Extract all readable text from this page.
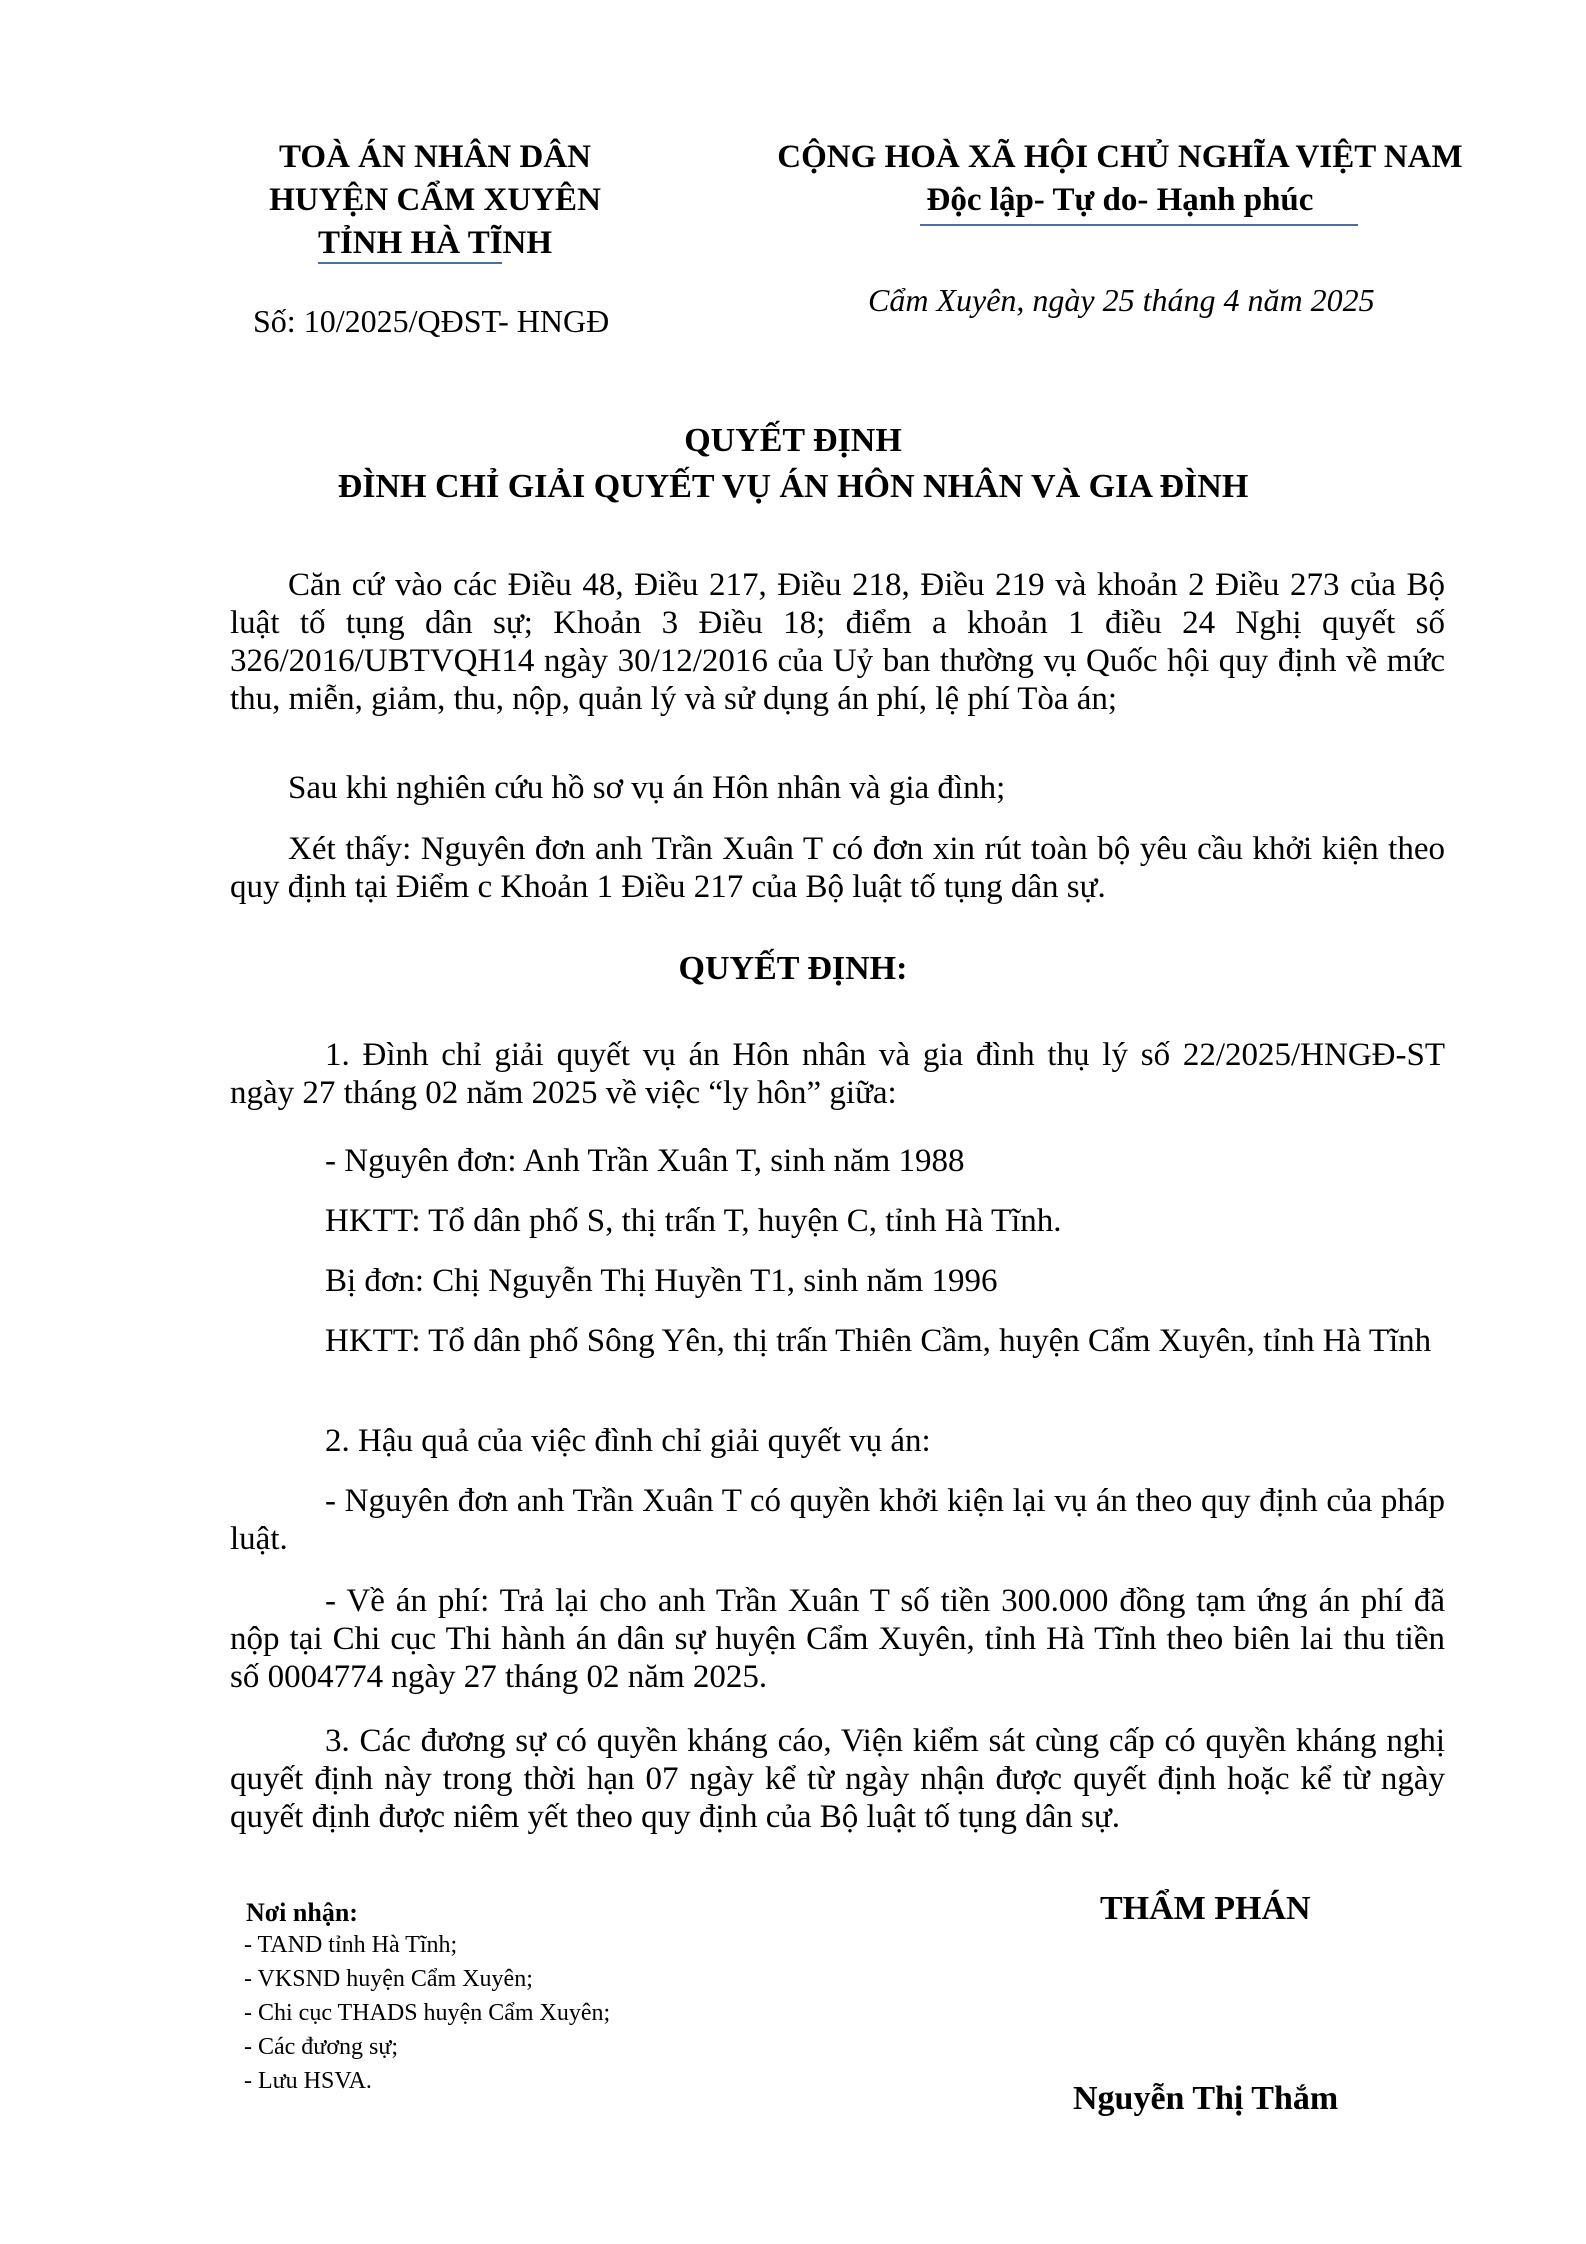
TOÀ ÁN NHÂN DÂN
HUYỆN CẨM XUYÊN
TỈNH HÀ TĨNH
Số: 10/2025/QĐST- HNGĐ
CỘNG HOÀ XÃ HỘI CHỦ NGHĨA VIỆT NAM
Độc lập- Tự do- Hạnh phúc
Cẩm Xuyên, ngày 25 tháng 4 năm 2025
QUYẾT ĐỊNH
ĐÌNH CHỈ GIẢI QUYẾT VỤ ÁN HÔN NHÂN VÀ GIA ĐÌNH

Căn cứ vào các Điều 48, Điều 217, Điều 218, Điều 219 và khoản 2 Điều 273 của Bộ luật tố tụng dân sự; Khoản 3 Điều 18; điểm a khoản 1 điều 24 Nghị quyết số 326/2016/UBTVQH14 ngày 30/12/2016 của Uỷ ban thường vụ Quốc hội quy định về mức thu, miễn, giảm, thu, nộp, quản lý và sử dụng án phí, lệ phí Tòa án;

Sau khi nghiên cứu hồ sơ vụ án Hôn nhân và gia đình;

Xét thấy: Nguyên đơn anh Trần Xuân T có đơn xin rút toàn bộ yêu cầu khởi kiện theo quy định tại Điểm c Khoản 1 Điều 217 của Bộ luật tố tụng dân sự.

QUYẾT ĐỊNH:

1. Đình chỉ giải quyết vụ án Hôn nhân và gia đình thụ lý số 22/2025/HNGĐ-ST ngày 27 tháng 02 năm 2025 về việc “ly hôn” giữa:

- Nguyên đơn: Anh Trần Xuân T, sinh năm 1988

HKTT: Tổ dân phố S, thị trấn T, huyện C, tỉnh Hà Tĩnh.

Bị đơn: Chị Nguyễn Thị Huyền T1, sinh năm 1996

HKTT: Tổ dân phố Sông Yên, thị trấn Thiên Cầm, huyện Cẩm Xuyên, tỉnh Hà Tĩnh

2. Hậu quả của việc đình chỉ giải quyết vụ án:

- Nguyên đơn anh Trần Xuân T có quyền khởi kiện lại vụ án theo quy định của pháp luật.

- Về án phí: Trả lại cho anh Trần Xuân T số tiền 300.000 đồng tạm ứng án phí đã nộp tại Chi cục Thi hành án dân sự huyện Cẩm Xuyên, tỉnh Hà Tĩnh theo biên lai thu tiền số 0004774 ngày 27 tháng 02 năm 2025.

3. Các đương sự có quyền kháng cáo, Viện kiểm sát cùng cấp có quyền kháng nghị quyết định này trong thời hạn 07 ngày kể từ ngày nhận được quyết định hoặc kể từ ngày quyết định được niêm yết theo quy định của Bộ luật tố tụng dân sự.

Nơi nhận:
- TAND tỉnh Hà Tĩnh;
- VKSND huyện Cẩm Xuyên;
- Chi cục THADS huyện Cẩm Xuyên;
- Các đương sự;
- Lưu HSVA.
THẨM PHÁN
Nguyễn Thị Thắm
